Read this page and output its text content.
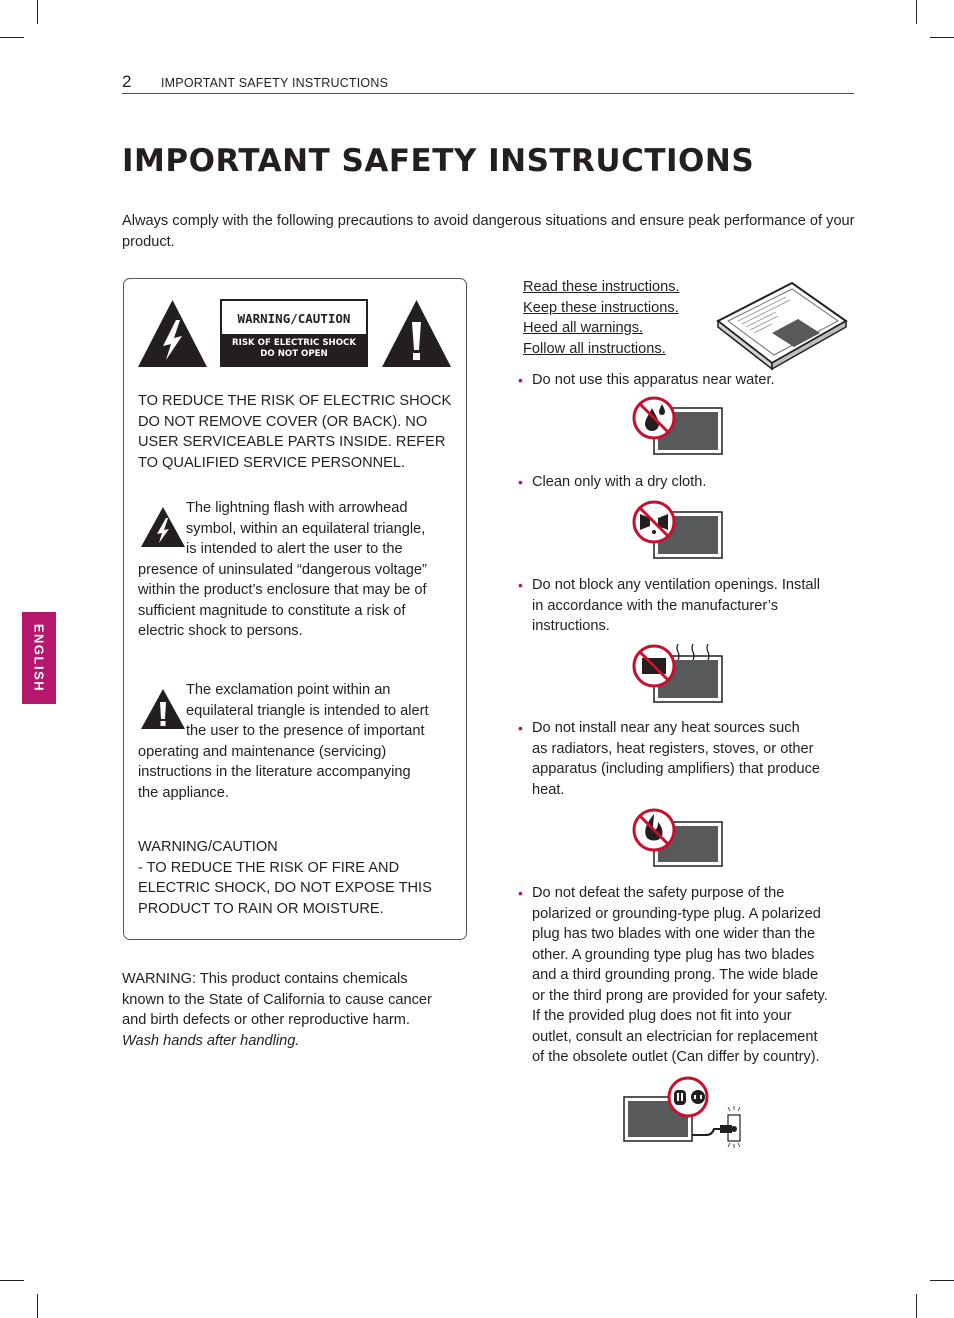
2 IMPORTANT SAFETY INSTRUCTIONS
ENGLISH
IMPORTANT SAFETY INSTRUCTIONS
Always comply with the following precautions to avoid dangerous situations and ensure peak performance of your product.
WARNING/CAUTION
RISK OF ELECTRIC SHOCK
DO NOT OPEN
TO REDUCE THE RISK OF ELECTRIC SHOCK DO NOT REMOVE COVER (OR BACK). NO USER SERVICEABLE PARTS INSIDE. REFER TO QUALIFIED SERVICE PERSONNEL.
The lightning flash with arrowhead
symbol, within an equilateral triangle,
is intended to alert the user to the
presence of uninsulated “dangerous voltage”
within the product’s enclosure that may be of
sufficient magnitude to constitute a risk of
electric shock to persons.
The exclamation point within an
equilateral triangle is intended to alert
the user to the presence of important
operating and maintenance (servicing)
instructions in the literature accompanying
the appliance.
WARNING/CAUTION
- TO REDUCE THE RISK OF FIRE AND
ELECTRIC SHOCK, DO NOT EXPOSE THIS
PRODUCT TO RAIN OR MOISTURE.
WARNING: This product contains chemicals
known to the State of California to cause cancer
and birth defects or other reproductive harm.
Wash hands after handling.
Read these instructions.
Keep these instructions.
Heed all warnings.
Follow all instructions.
• Do not use this apparatus near water.
• Clean only with a dry cloth.
• Do not block any ventilation openings. Install
in accordance with the manufacturer’s
instructions.
• Do not install near any heat sources such
as radiators, heat registers, stoves, or other
apparatus (including amplifiers) that produce
heat.
• Do not defeat the safety purpose of the
polarized or grounding-type plug. A polarized
plug has two blades with one wider than the
other. A grounding type plug has two blades
and a third grounding prong. The wide blade
or the third prong are provided for your safety.
If the provided plug does not fit into your
outlet, consult an electrician for replacement
of the obsolete outlet (Can differ by country).
